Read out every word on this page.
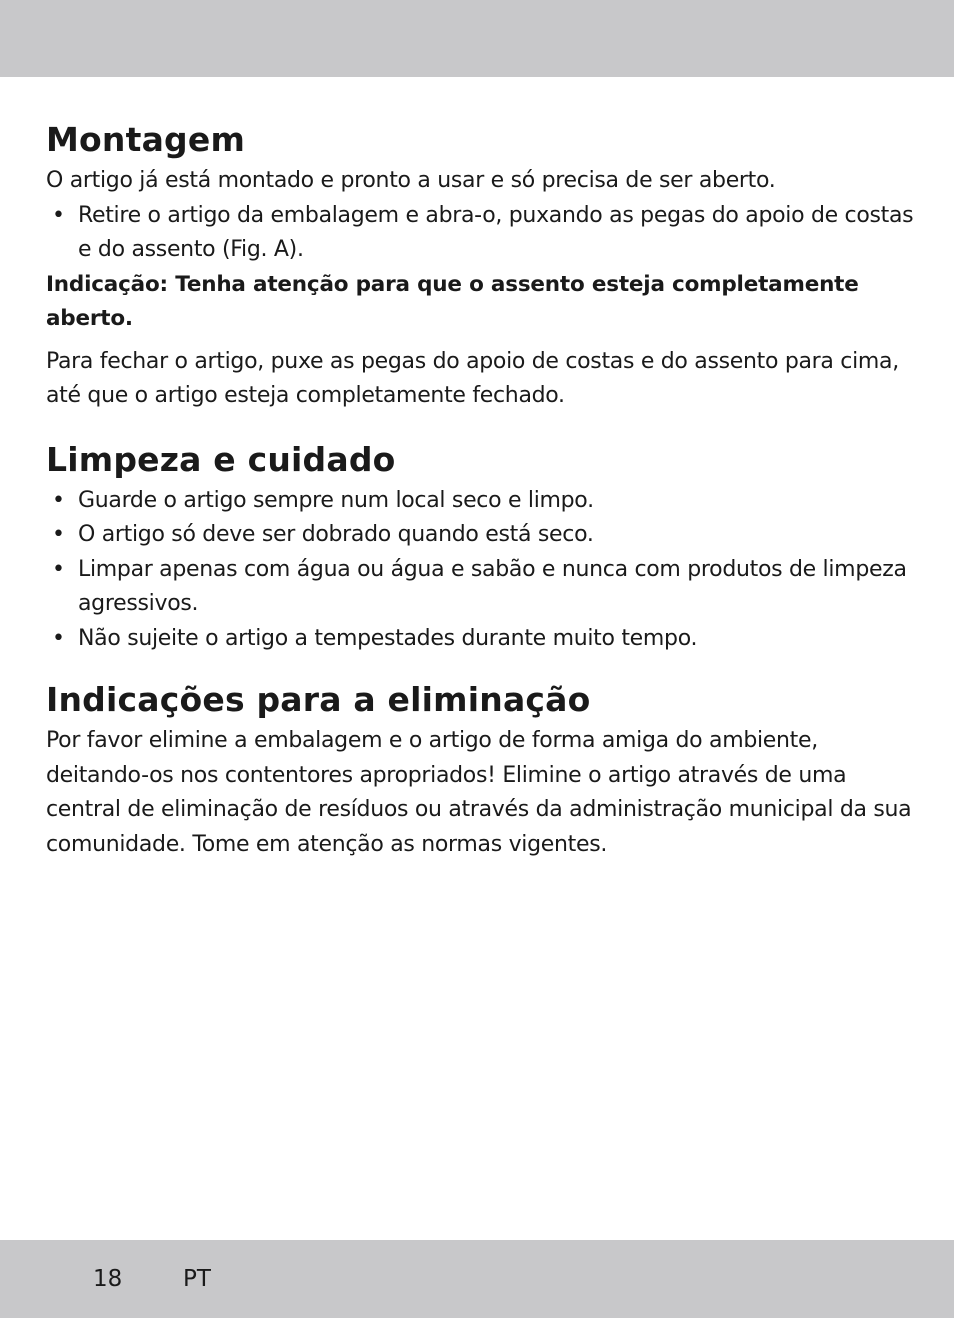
Montagem

O artigo já está montado e pronto a usar e só precisa de ser aberto.

• Retire o artigo da embalagem e abra-o, puxando as pegas do apoio de costas e do assento (Fig. A).

Indicação: Tenha atenção para que o assento esteja completamente aberto.

Para fechar o artigo, puxe as pegas do apoio de costas e do assento para cima, até que o artigo esteja completamente fechado.

Limpeza e cuidado
• Guarde o artigo sempre num local seco e limpo.
• O artigo só deve ser dobrado quando está seco.
• Limpar apenas com água ou água e sabão e nunca com produtos de limpeza agressivos.
• Não sujeite o artigo a tempestades durante muito tempo.
Indicações para a eliminação

Por favor elimine a embalagem e o artigo de forma amiga do ambiente, deitando-os nos contentores apropriados! Elimine o artigo através de uma central de eliminação de resíduos ou através da administração municipal da sua comunidade. Tome em atenção as normas vigentes.

18	PT
